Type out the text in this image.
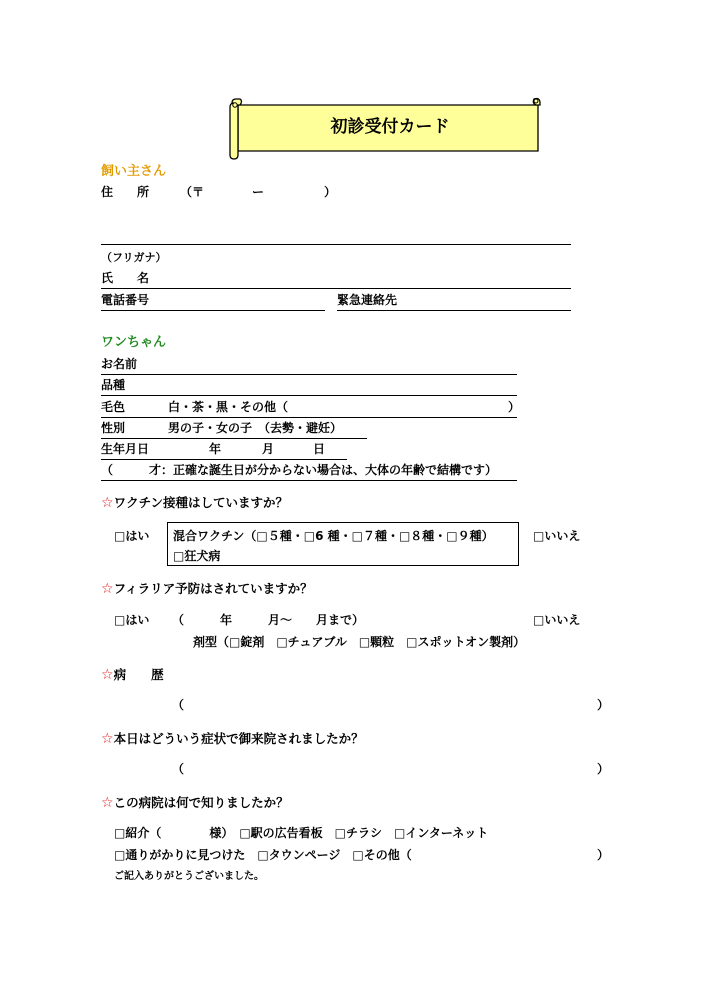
初診受付カード
飼い主さん
住　　所	（〒　　　　ー　　　　　）
（フリガナ）
氏　　名
電話番号	緊急連絡先
ワンちゃん
お名前
品種
毛色	白・茶・黒・その他（	）
性別	男の子・女の子　（去勢・避妊）
生年月日	年	月	日
（　　　才：正確な誕生日が分からない場合は、大体の年齢で結構です）
☆ワクチン接種はしていますか？
□はい 混合ワクチン（□５種・□6 種・□７種・□８種・□９種）
□狂犬病
□いいえ
☆フィラリア予防はされていますか？
□はい （　　　年　　　月～　　月まで）	□いいえ
剤型（□錠剤　□チュアブル　□顆粒　□スポットオン製剤）
☆病　　歴
（	）
☆本日はどういう症状で御来院されましたか？
（	）
☆この病院は何で知りましたか？
□紹介（　　　　様）　□駅の広告看板　□チラシ　□インターネット
□通りがかりに見つけた　□タウンページ　□その他（	）
ご記入ありがとうございました。
